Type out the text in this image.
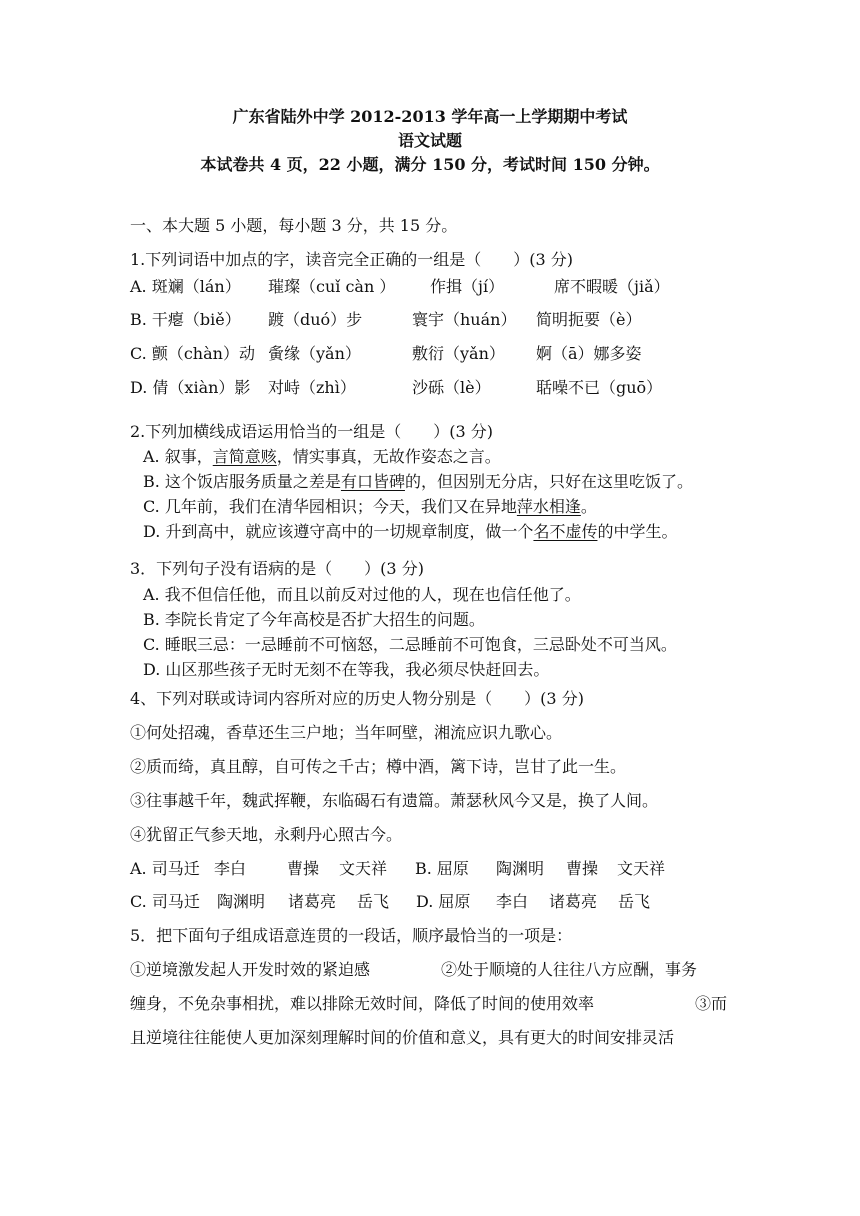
广东省陆外中学 2012-2013 学年高一上学期期中考试
语文试题
本试卷共 4 页，22 小题，满分 150 分，考试时间 150 分钟。
一、本大题 5 小题，每小题 3 分，共 15 分。
1.下列词语中加点的字，读音完全正确的一组是（　　）(3 分)
A. 斑斓（lán） 璀璨（cuǐ càn ） 作揖（jí）	席不暇暖（jiǎ）
B. 干瘪（biě） 踱（duó）步	寰宇（huán） 简明扼要（è）
C. 颤（chàn）动 夤缘（yǎn）	敷衍（yǎn） 婀（ā）娜多姿
D. 倩（xiàn）影 对峙（zhì）	沙砾（lè）	聒噪不已（guō）
2.下列加横线成语运用恰当的一组是（　　）(3 分)
A. 叙事，言简意赅，情实事真，无故作姿态之言。
B. 这个饭店服务质量之差是有口皆碑的，但因别无分店，只好在这里吃饭了。
C. 几年前，我们在清华园相识；今天，我们又在异地萍水相逢。
D. 升到高中，就应该遵守高中的一切规章制度，做一个名不虚传的中学生。
3．下列句子没有语病的是（　　）(3 分)
A. 我不但信任他，而且以前反对过他的人，现在也信任他了。
B. 李院长肯定了今年高校是否扩大招生的问题。
C. 睡眠三忌：一忌睡前不可恼怒，二忌睡前不可饱食，三忌卧处不可当风。
D. 山区那些孩子无时无刻不在等我，我必须尽快赶回去。
4、下列对联或诗词内容所对应的历史人物分别是（　　）(3 分)
①何处招魂，香草还生三户地；当年呵壁，湘流应识九歌心。
②质而绮，真且醇，自可传之千古；樽中酒，篱下诗，岂甘了此一生。
③往事越千年，魏武挥鞭，东临碣石有遗篇。萧瑟秋风今又是，换了人间。
④犹留正气参天地，永剩丹心照古今。
A. 司马迁 李白	曹操 文天祥 B. 屈原 陶渊明 曹操 文天祥
C. 司马迁 陶渊明 诸葛亮 岳飞 D. 屈原 李白 诸葛亮 岳飞
5．把下面句子组成语意连贯的一段话，顺序最恰当的一项是：
①逆境激发起人开发时效的紧迫感	②处于顺境的人往往八方应酬，事务
缠身，不免杂事相扰，难以排除无效时间，降低了时间的使用效率	③而
且逆境往往能使人更加深刻理解时间的价值和意义，具有更大的时间安排灵活
